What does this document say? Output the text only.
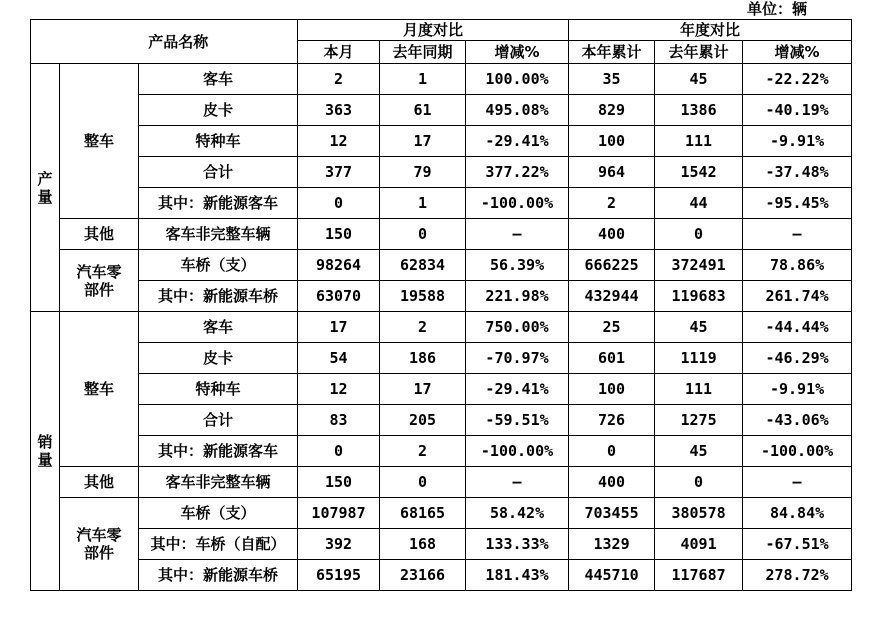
单位：辆
	产品名称		月度对比			年度对比		
			本月	去年同期	增减%	本年累计	去年累计	增减%
产量	整车	客车	2	1	100.00%	35	45	-22.22%
		皮卡	363	61	495.08%	829	1386	-40.19%
		特种车	12	17	-29.41%	100	111	-9.91%
		合计	377	79	377.22%	964	1542	-37.48%
		其中：新能源客车	0	1	-100.00%	2	44	-95.45%
	其他	客车非完整车辆	150	0	—	400	0	—
	汽车零部件	车桥（支）	98264	62834	56.39%	666225	372491	78.86%
		其中：新能源车桥	63070	19588	221.98%	432944	119683	261.74%
销量	整车	客车	17	2	750.00%	25	45	-44.44%
		皮卡	54	186	-70.97%	601	1119	-46.29%
		特种车	12	17	-29.41%	100	111	-9.91%
		合计	83	205	-59.51%	726	1275	-43.06%
		其中：新能源客车	0	2	-100.00%	0	45	-100.00%
	其他	客车非完整车辆	150	0	—	400	0	—
	汽车零部件	车桥（支）	107987	68165	58.42%	703455	380578	84.84%
		其中：车桥（自配）	392	168	133.33%	1329	4091	-67.51%
		其中：新能源车桥	65195	23166	181.43%	445710	117687	278.72%
